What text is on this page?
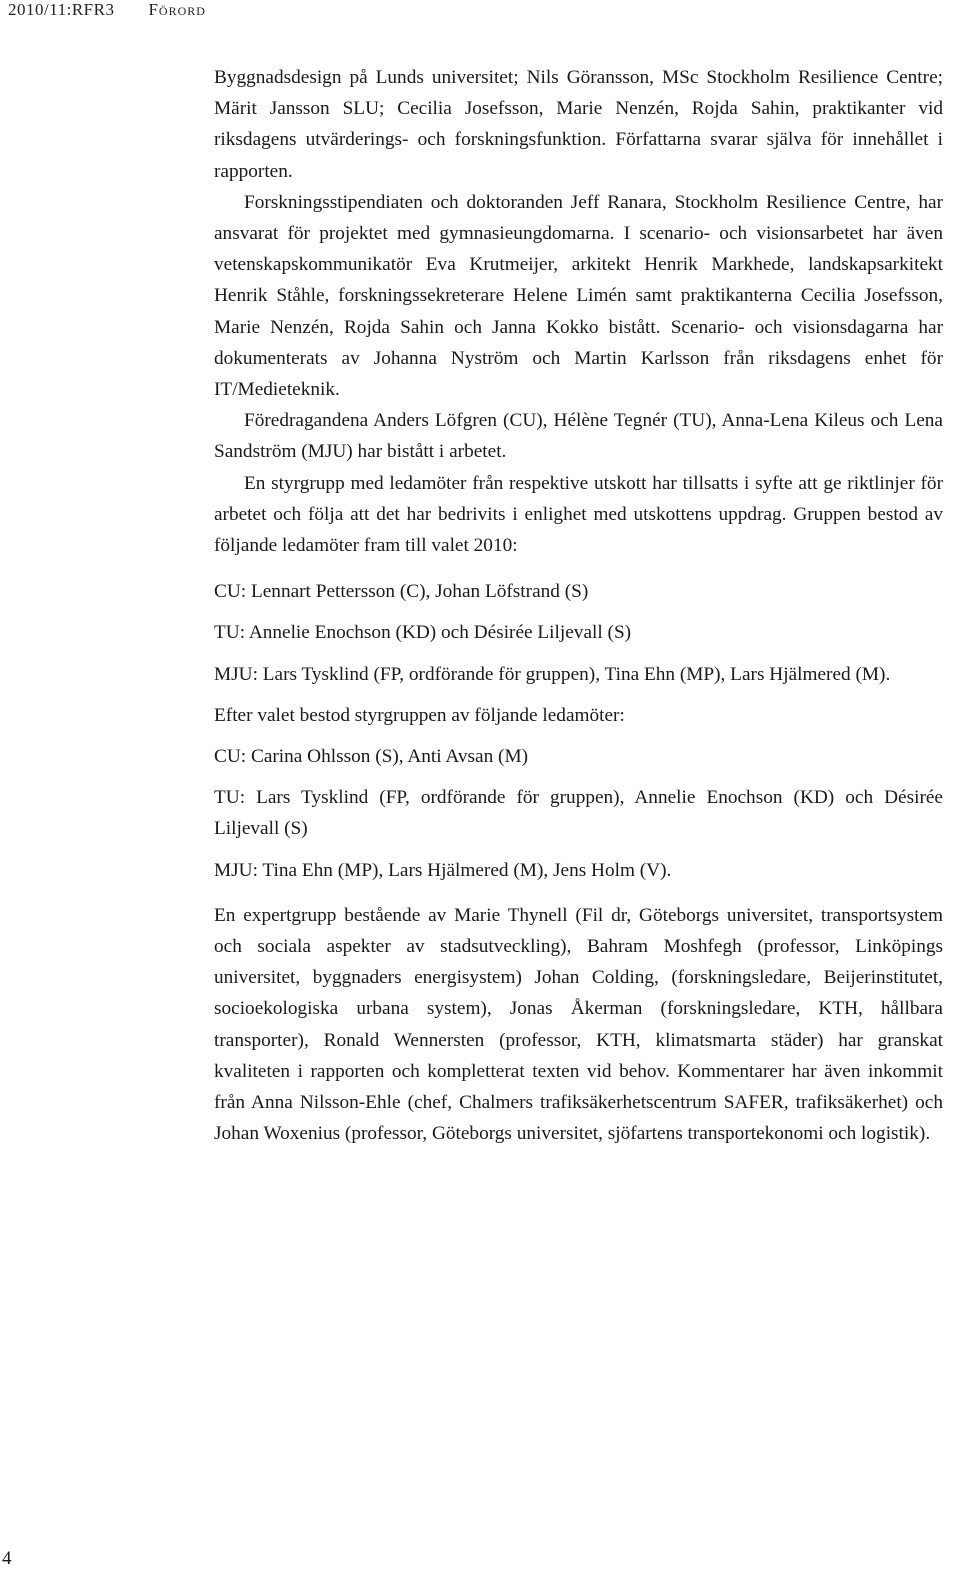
2010/11:RFR3 Förord

Byggnadsdesign på Lunds universitet; Nils Göransson, MSc Stockholm Resilience Centre; Märit Jansson SLU; Cecilia Josefsson, Marie Nenzén, Rojda Sahin, praktikanter vid riksdagens utvärderings- och forskningsfunktion. Författarna svarar själva för innehållet i rapporten.

Forskningsstipendiaten och doktoranden Jeff Ranara, Stockholm Resilience Centre, har ansvarat för projektet med gymnasieungdomarna. I scenario- och visionsarbetet har även vetenskapskommunikatör Eva Krutmeijer, arkitekt Henrik Markhede, landskapsarkitekt Henrik Ståhle, forskningssekreterare Helene Limén samt praktikanterna Cecilia Josefsson, Marie Nenzén, Rojda Sahin och Janna Kokko bistått. Scenario- och visionsdagarna har dokumenterats av Johanna Nyström och Martin Karlsson från riksdagens enhet för IT/Medieteknik.

Föredragandena Anders Löfgren (CU), Hélène Tegnér (TU), Anna-Lena Kileus och Lena Sandström (MJU) har bistått i arbetet.

En styrgrupp med ledamöter från respektive utskott har tillsatts i syfte att ge riktlinjer för arbetet och följa att det har bedrivits i enlighet med utskottens uppdrag. Gruppen bestod av följande ledamöter fram till valet 2010:

CU: Lennart Pettersson (C), Johan Löfstrand (S)

TU: Annelie Enochson (KD) och Désirée Liljevall (S)

MJU: Lars Tysklind (FP, ordförande för gruppen), Tina Ehn (MP), Lars Hjälmered (M).

Efter valet bestod styrgruppen av följande ledamöter:

CU: Carina Ohlsson (S), Anti Avsan (M)

TU: Lars Tysklind (FP, ordförande för gruppen), Annelie Enochson (KD) och Désirée Liljevall (S)

MJU: Tina Ehn (MP), Lars Hjälmered (M), Jens Holm (V).

En expertgrupp bestående av Marie Thynell (Fil dr, Göteborgs universitet, transportsystem och sociala aspekter av stadsutveckling), Bahram Moshfegh (professor, Linköpings universitet, byggnaders energisystem) Johan Colding, (forskningsledare, Beijerinstitutet, socioekologiska urbana system), Jonas Åkerman (forskningsledare, KTH, hållbara transporter), Ronald Wennersten (professor, KTH, klimatsmarta städer) har granskat kvaliteten i rapporten och kompletterat texten vid behov. Kommentarer har även inkommit från Anna Nilsson-Ehle (chef, Chalmers trafiksäkerhetscentrum SAFER, trafiksäkerhet) och Johan Woxenius (professor, Göteborgs universitet, sjöfartens transportekonomi och logistik).

4
